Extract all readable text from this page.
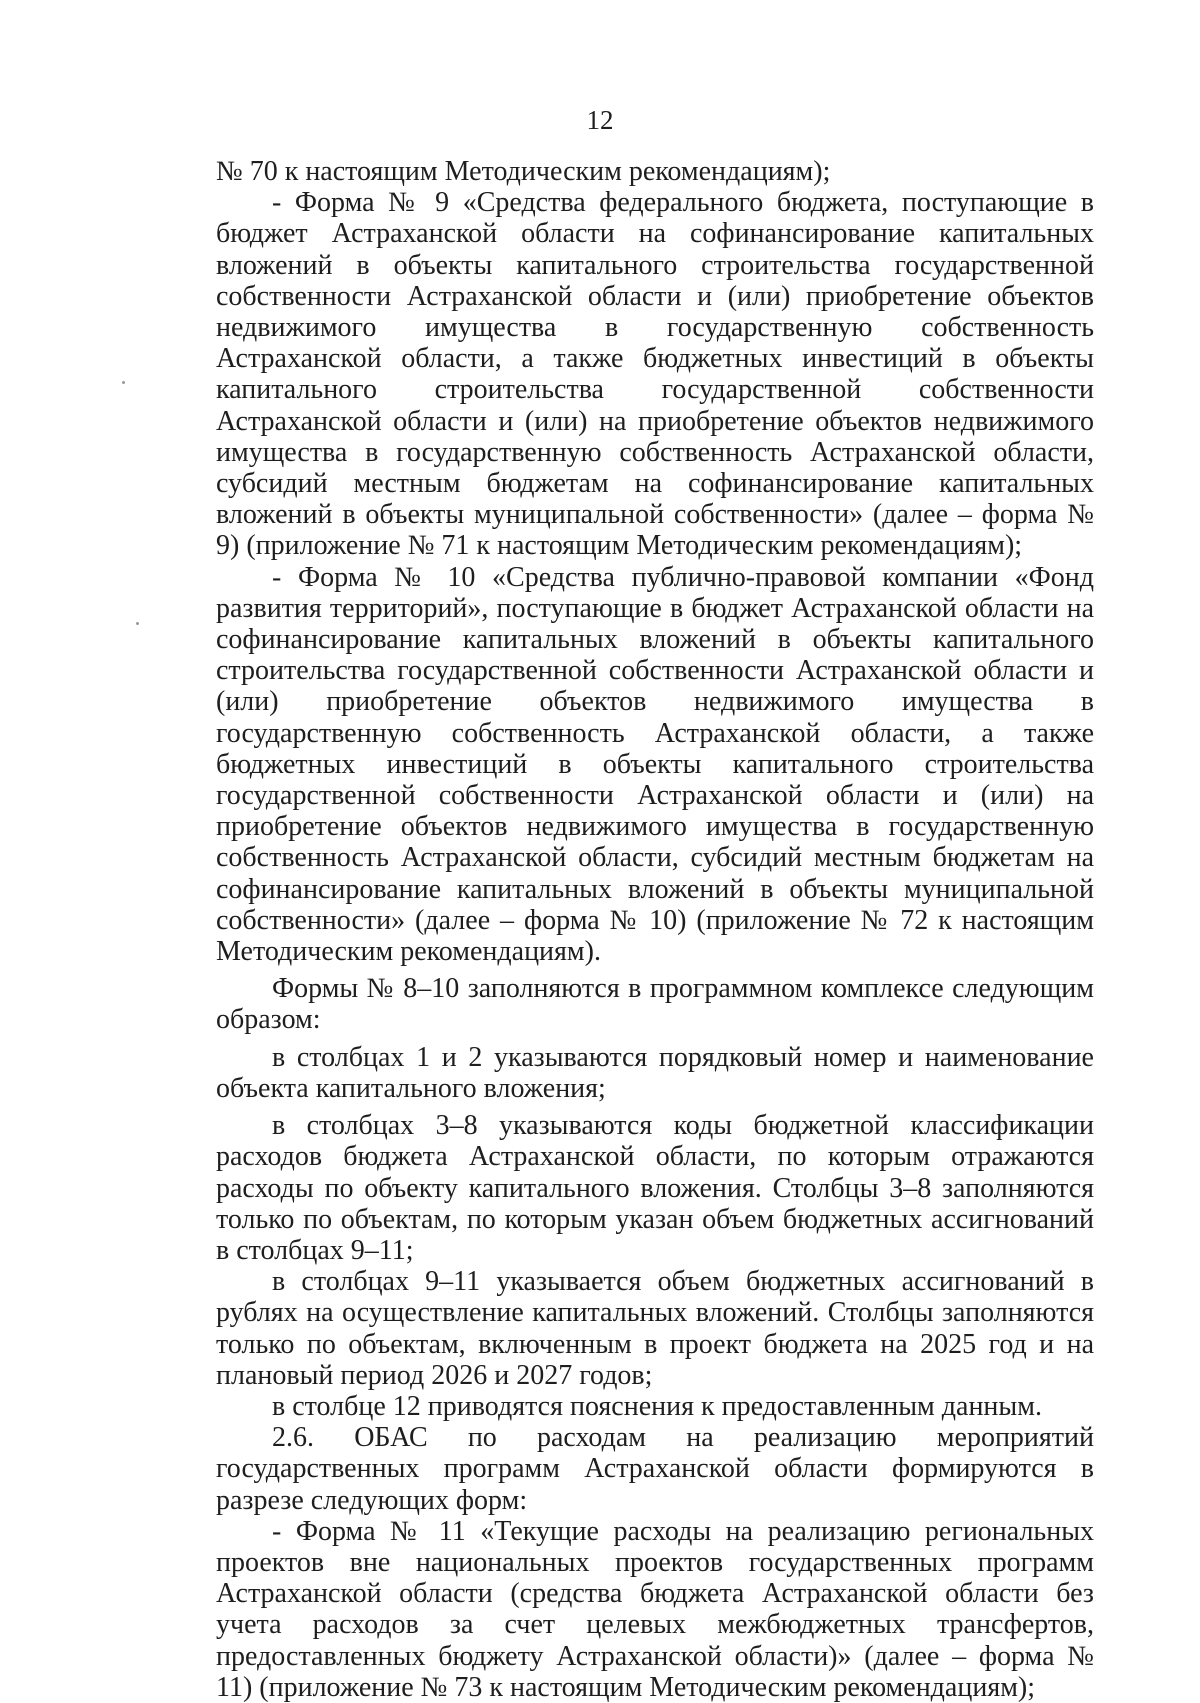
12

№ 70 к настоящим Методическим рекомендациям);

- Форма № 9 «Средства федерального бюджета, поступающие в бюджет Астраханской области на софинансирование капитальных вложений в объекты капитального строительства государственной собственности Астраханской области и (или) приобретение объектов недвижимого имущества в государственную собственность Астраханской области, а также бюджетных инвестиций в объекты капитального строительства государственной собственности Астраханской области и (или) на приобретение объектов недвижимого имущества в государственную собственность Астраханской области, субсидий местным бюджетам на софинансирование капитальных вложений в объекты муниципальной собственности» (далее – форма № 9) (приложение № 71 к настоящим Методическим рекомендациям);

- Форма № 10 «Средства публично-правовой компании «Фонд развития территорий», поступающие в бюджет Астраханской области на софинансирование капитальных вложений в объекты капитального строительства государственной собственности Астраханской области и (или) приобретение объектов недвижимого имущества в государственную собственность Астраханской области, а также бюджетных инвестиций в объекты капитального строительства государственной собственности Астраханской области и (или) на приобретение объектов недвижимого имущества в государственную собственность Астраханской области, субсидий местным бюджетам на софинансирование капитальных вложений в объекты муниципальной собственности» (далее – форма № 10) (приложение № 72 к настоящим Методическим рекомендациям).

Формы № 8–10 заполняются в программном комплексе следующим образом:

в столбцах 1 и 2 указываются порядковый номер и наименование объекта капитального вложения;

в столбцах 3–8 указываются коды бюджетной классификации расходов бюджета Астраханской области, по которым отражаются расходы по объекту капитального вложения. Столбцы 3–8 заполняются только по объектам, по которым указан объем бюджетных ассигнований в столбцах 9–11;

в столбцах 9–11 указывается объем бюджетных ассигнований в рублях на осуществление капитальных вложений. Столбцы заполняются только по объектам, включенным в проект бюджета на 2025 год и на плановый период 2026 и 2027 годов;

в столбце 12 приводятся пояснения к предоставленным данным.

2.6. ОБАС по расходам на реализацию мероприятий государственных программ Астраханской области формируются в разрезе следующих форм:

- Форма № 11 «Текущие расходы на реализацию региональных проектов вне национальных проектов государственных программ Астраханской области (средства бюджета Астраханской области без учета расходов за счет целевых межбюджетных трансфертов, предоставленных бюджету Астраханской области)» (далее – форма № 11) (приложение № 73 к настоящим Методическим рекомендациям);
